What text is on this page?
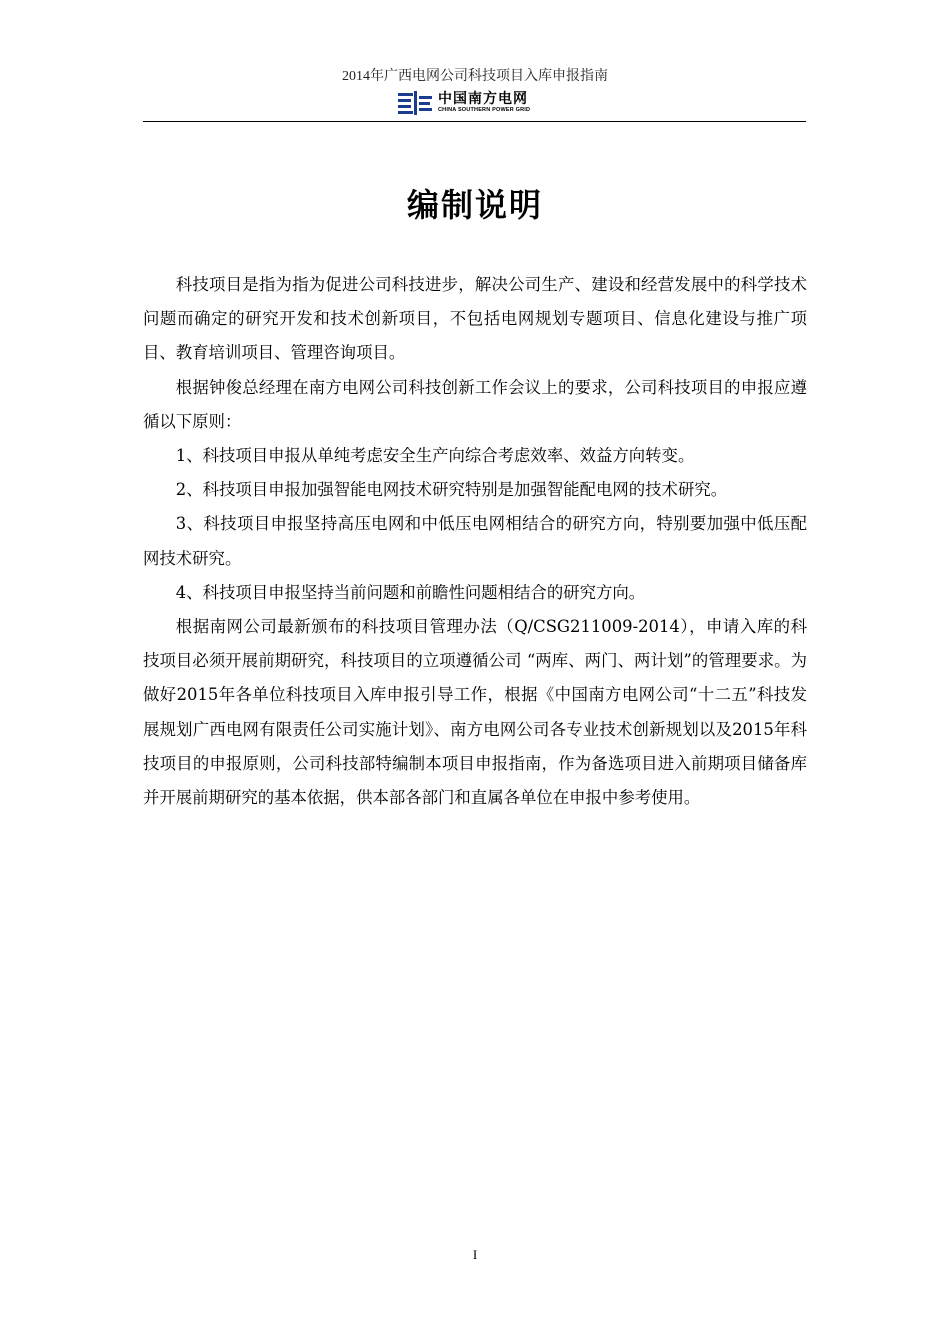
2014年广西电网公司科技项目入库申报指南
中国南方电网
CHINA SOUTHERN POWER GRID
编制说明

科技项目是指为指为促进公司科技进步，解决公司生产、建设和经营发展中的科学技术问题而确定的研究开发和技术创新项目，不包括电网规划专题项目、信息化建设与推广项目、教育培训项目、管理咨询项目。

根据钟俊总经理在南方电网公司科技创新工作会议上的要求，公司科技项目的申报应遵循以下原则：

1、科技项目申报从单纯考虑安全生产向综合考虑效率、效益方向转变。

2、科技项目申报加强智能电网技术研究特别是加强智能配电网的技术研究。

3、科技项目申报坚持高压电网和中低压电网相结合的研究方向，特别要加强中低压配网技术研究。

4、科技项目申报坚持当前问题和前瞻性问题相结合的研究方向。

根据南网公司最新颁布的科技项目管理办法（Q/CSG211009-2014），申请入库的科技项目必须开展前期研究，科技项目的立项遵循公司 “两库、两门、两计划”的管理要求。为做好2015年各单位科技项目入库申报引导工作，根据《中国南方电网公司“十二五”科技发展规划广西电网有限责任公司实施计划》、南方电网公司各专业技术创新规划以及2015年科技项目的申报原则，公司科技部特编制本项目申报指南，作为备选项目进入前期项目储备库并开展前期研究的基本依据，供本部各部门和直属各单位在申报中参考使用。

I
